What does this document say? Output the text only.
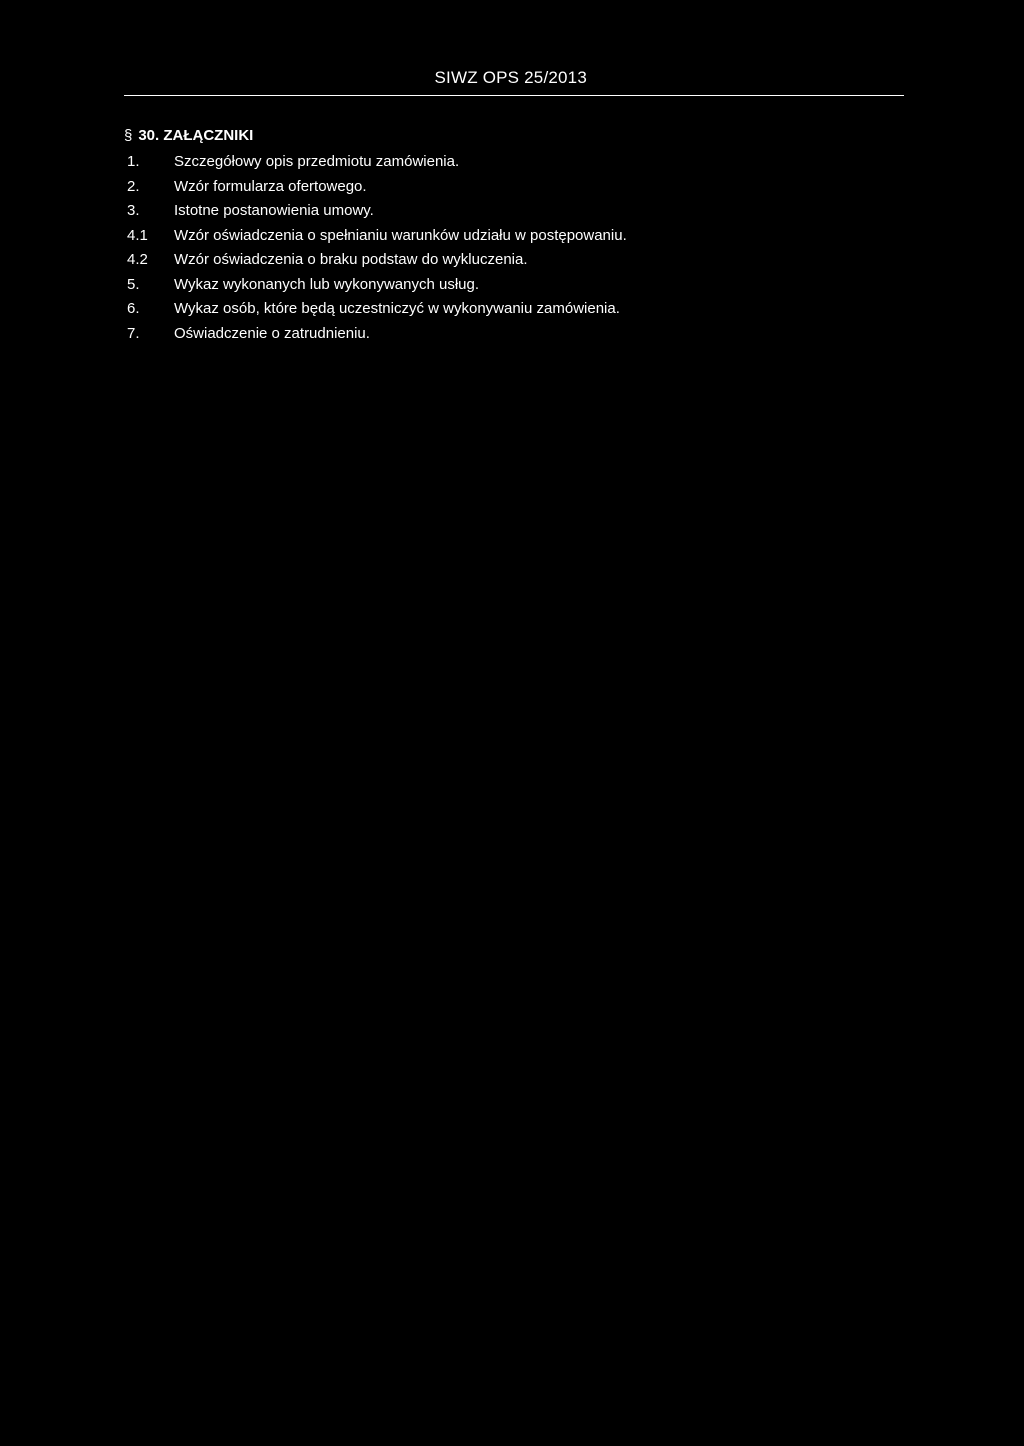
SIWZ OPS 25/2013
§ 30. ZAŁĄCZNIKI
1. Szczegółowy opis przedmiotu zamówienia.
2. Wzór formularza ofertowego.
3. Istotne postanowienia umowy.
4.1 Wzór oświadczenia o spełnianiu warunków udziału w postępowaniu.
4.2 Wzór oświadczenia o braku podstaw do wykluczenia.
5. Wykaz wykonanych lub wykonywanych usług.
6. Wykaz osób, które będą uczestniczyć w wykonywaniu zamówienia.
7. Oświadczenie o zatrudnieniu.
